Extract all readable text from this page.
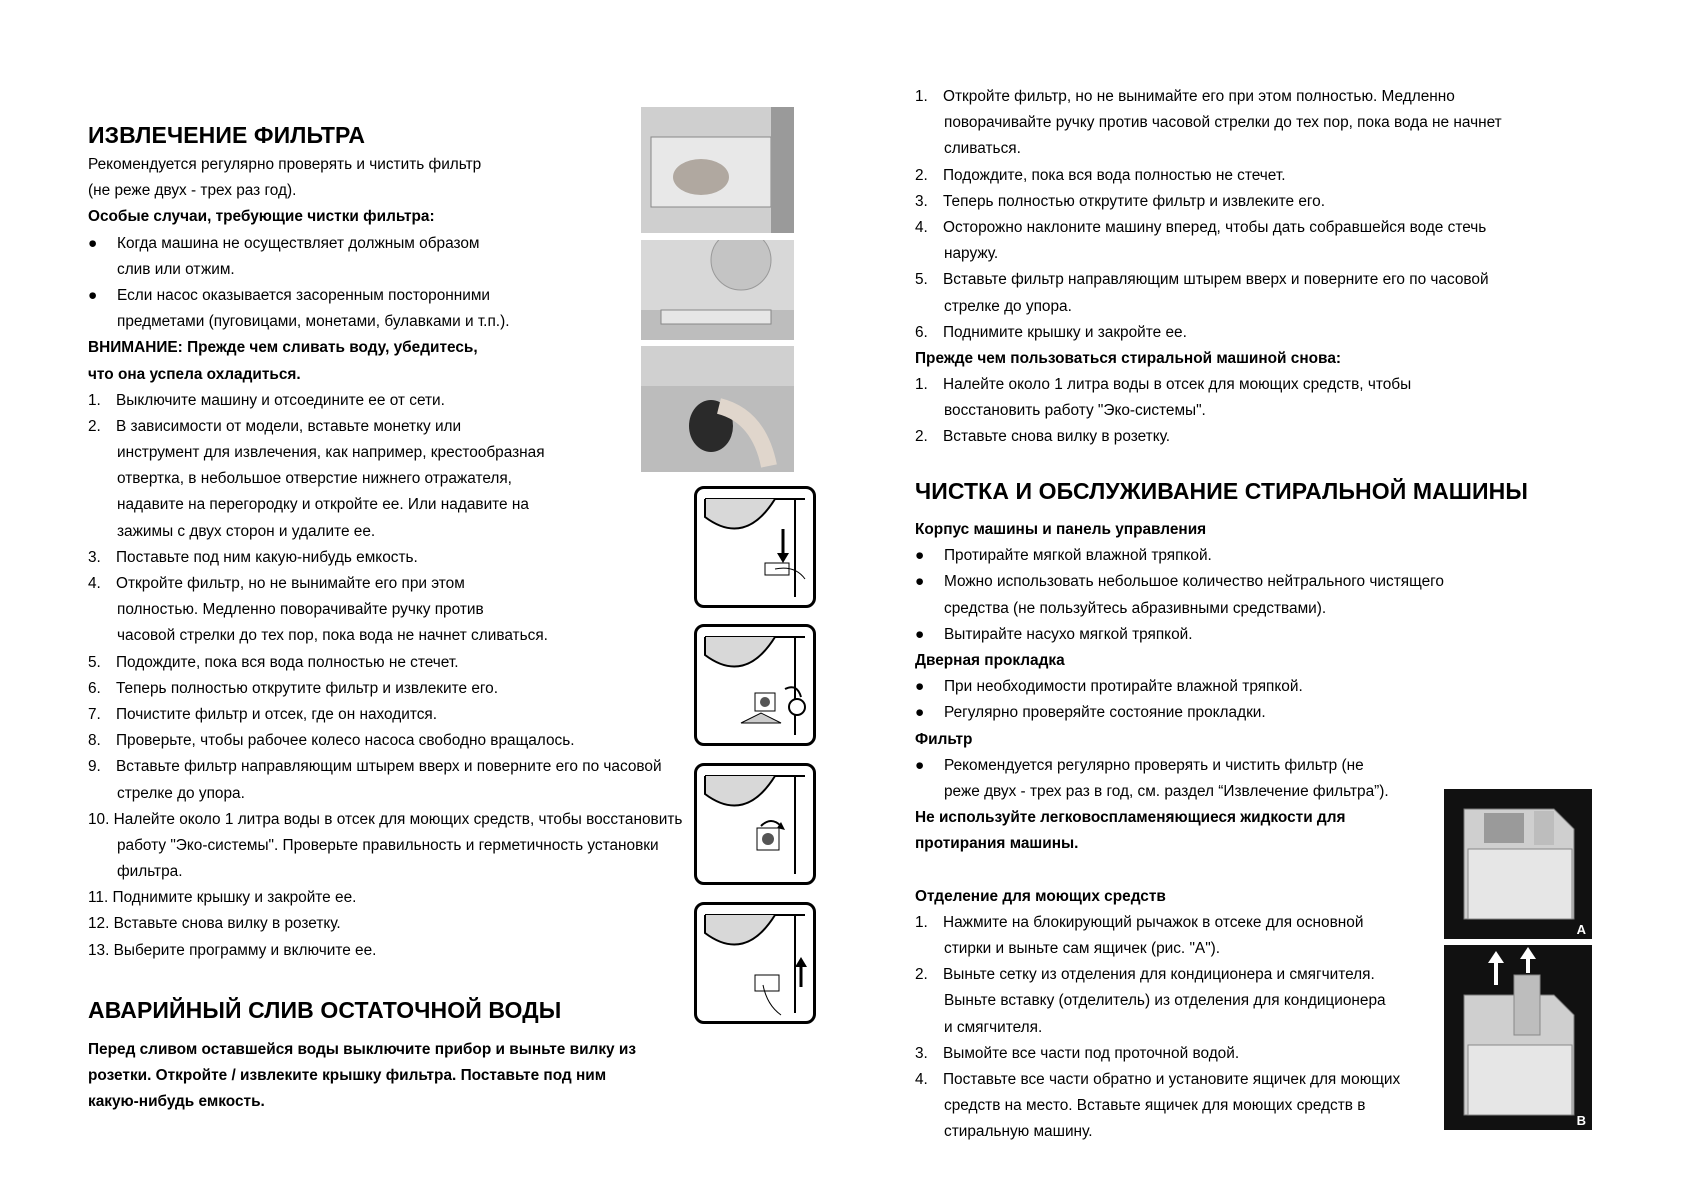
ИЗВЛЕЧЕНИЕ ФИЛЬТРА
Рекомендуется регулярно проверять и чистить фильтр
(не реже двух - трех раз год).
Особые случаи, требующие чистки фильтра:
● Когда машина не осуществляет должным образом
слив или отжим.
● Если насос оказывается засоренным посторонними
предметами (пуговицами, монетами, булавками и т.п.).
ВНИМАНИЕ: Прежде чем сливать воду, убедитесь,
что она успела охладиться.
1. Выключите машину и отсоедините ее от сети.
2. В зависимости от модели, вставьте монетку или
инструмент для извлечения, как например, крестообразная
отвертка, в небольшое отверстие нижнего отражателя,
надавите на перегородку и откройте ее. Или надавите на
зажимы с двух сторон и удалите ее.
3. Поставьте под ним какую-нибудь емкость.
4. Откройте фильтр, но не вынимайте его при этом
полностью. Медленно поворачивайте ручку против
часовой стрелки до тех пор, пока вода не начнет сливаться.
5. Подождите, пока вся вода полностью не стечет.
6. Теперь полностью открутите фильтр и извлеките его.
7. Почистите фильтр и отсек, где он находится.
8. Проверьте, чтобы рабочее колесо насоса свободно вращалось.
9. Вставьте фильтр направляющим штырем вверх и поверните его по часовой
стрелке до упора.
10. Налейте около 1 литра воды в отсек для моющих средств, чтобы восстановить
работу "Эко-системы". Проверьте правильность и герметичность установки
фильтра.
11. Поднимите крышку и закройте ее.
12. Вставьте снова вилку в розетку.
13. Выберите программу и включите ее.
АВАРИЙНЫЙ СЛИВ ОСТАТОЧНОЙ ВОДЫ
Перед сливом оставшейся воды выключите прибор и выньте вилку из
розетки. Откройте / извлеките крышку фильтра. Поставьте под ним
какую-нибудь емкость.
1. Откройте фильтр, но не вынимайте его при этом полностью. Медленно
поворачивайте ручку против часовой стрелки до тех пор, пока вода не начнет
сливаться.
2. Подождите, пока вся вода полностью не стечет.
3. Теперь полностью открутите фильтр и извлеките его.
4. Осторожно наклоните машину вперед, чтобы дать собравшейся воде стечь
наружу.
5. Вставьте фильтр направляющим штырем вверх и поверните его по часовой
стрелке до упора.
6. Поднимите крышку и закройте ее.
Прежде чем пользоваться стиральной машиной снова:
1. Налейте около 1 литра воды в отсек для моющих средств, чтобы
восстановить работу "Эко-системы".
2. Вставьте снова вилку в розетку.
ЧИСТКА И ОБСЛУЖИВАНИЕ СТИРАЛЬНОЙ МАШИНЫ
Корпус машины и панель управления
● Протирайте мягкой влажной тряпкой.
● Можно использовать небольшое количество нейтрального чистящего
средства (не пользуйтесь абразивными средствами).
● Вытирайте насухо мягкой тряпкой.
Дверная прокладка
● При необходимости протирайте влажной тряпкой.
● Регулярно проверяйте состояние прокладки.
Фильтр
● Рекомендуется регулярно проверять и чистить фильтр (не
реже двух - трех раз в год, см. раздел “Извлечение фильтра”).
Не используйте легковоспламеняющиеся жидкости для
протирания машины.
Отделение для моющих средств
1. Нажмите на блокирующий рычажок в отсеке для основной
стирки и выньте сам ящичек (рис. "A").
2. Выньте сетку из отделения для кондиционера и смягчителя.
Выньте вставку (отделитель) из отделения для кондиционера
и смягчителя.
3. Вымойте все части под проточной водой.
4. Поставьте все части обратно и установите ящичек для моющих
средств на место. Вставьте ящичек для моющих средств в
стиральную машину.
A
B
